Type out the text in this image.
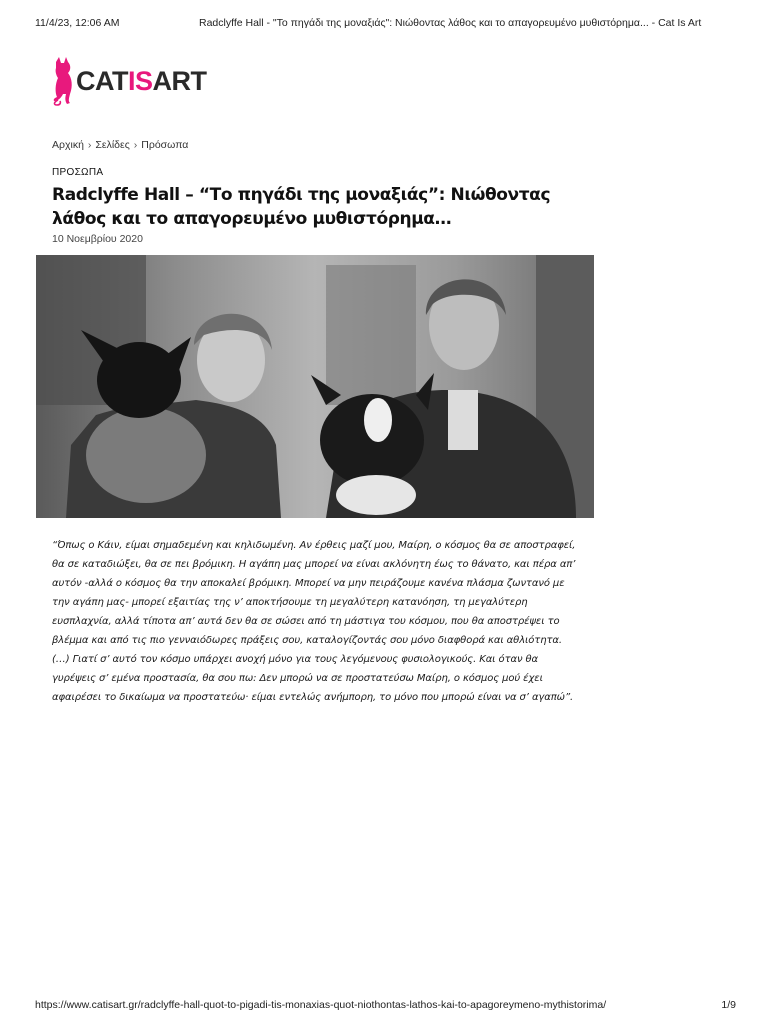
11/4/23, 12:06 AM	Radclyffe Hall - "Το πηγάδι της μοναξιάς": Νιώθοντας λάθος και το απαγορευμένο μυθιστόρημα... - Cat Is Art
CATISART
Αρχική › Σελίδες › Πρόσωπα
ΠΡΟΣΩΠΑ
Radclyffe Hall – “Το πηγάδι της μοναξιάς”: Νιώθοντας λάθος και το απαγορευμένο μυθιστόρημα…
10 Νοεμβρίου 2020

“Όπως ο Κάιν, είμαι σημαδεμένη και κηλιδωμένη. Αν έρθεις μαζί μου, Μαίρη, ο κόσμος θα σε αποστραφεί, θα σε καταδιώξει, θα σε πει βρόμικη. Η αγάπη μας μπορεί να είναι ακλόνητη έως το θάνατο, και πέρα απ’ αυτόν -αλλά ο κόσμος θα την αποκαλεί βρόμικη. Μπορεί να μην πειράζουμε κανένα πλάσμα ζωντανό με την αγάπη μας- μπορεί εξαιτίας της ν’ αποκτήσουμε τη μεγαλύτερη κατανόηση, τη μεγαλύτερη ευσπλαχνία, αλλά τίποτα απ’ αυτά δεν θα σε σώσει από τη μάστιγα του κόσμου, που θα αποστρέψει το βλέμμα και από τις πιο γενναιόδωρες πράξεις σου, καταλογίζοντάς σου μόνο διαφθορά και αθλιότητα. (…) Γιατί σ’ αυτό τον κόσμο υπάρχει ανοχή μόνο για τους λεγόμενους φυσιολογικούς. Και όταν θα γυρέψεις σ’ εμένα προστασία, θα σου πω: Δεν μπορώ να σε προστατεύσω Μαίρη, ο κόσμος μού έχει αφαιρέσει το δικαίωμα να προστατεύω· είμαι εντελώς ανήμπορη, το μόνο που μπορώ είναι να σ’ αγαπώ”.

https://www.catisart.gr/radclyffe-hall-quot-to-pigadi-tis-monaxias-quot-niothontas-lathos-kai-to-apagoreymeno-mythistorima/	1/9
